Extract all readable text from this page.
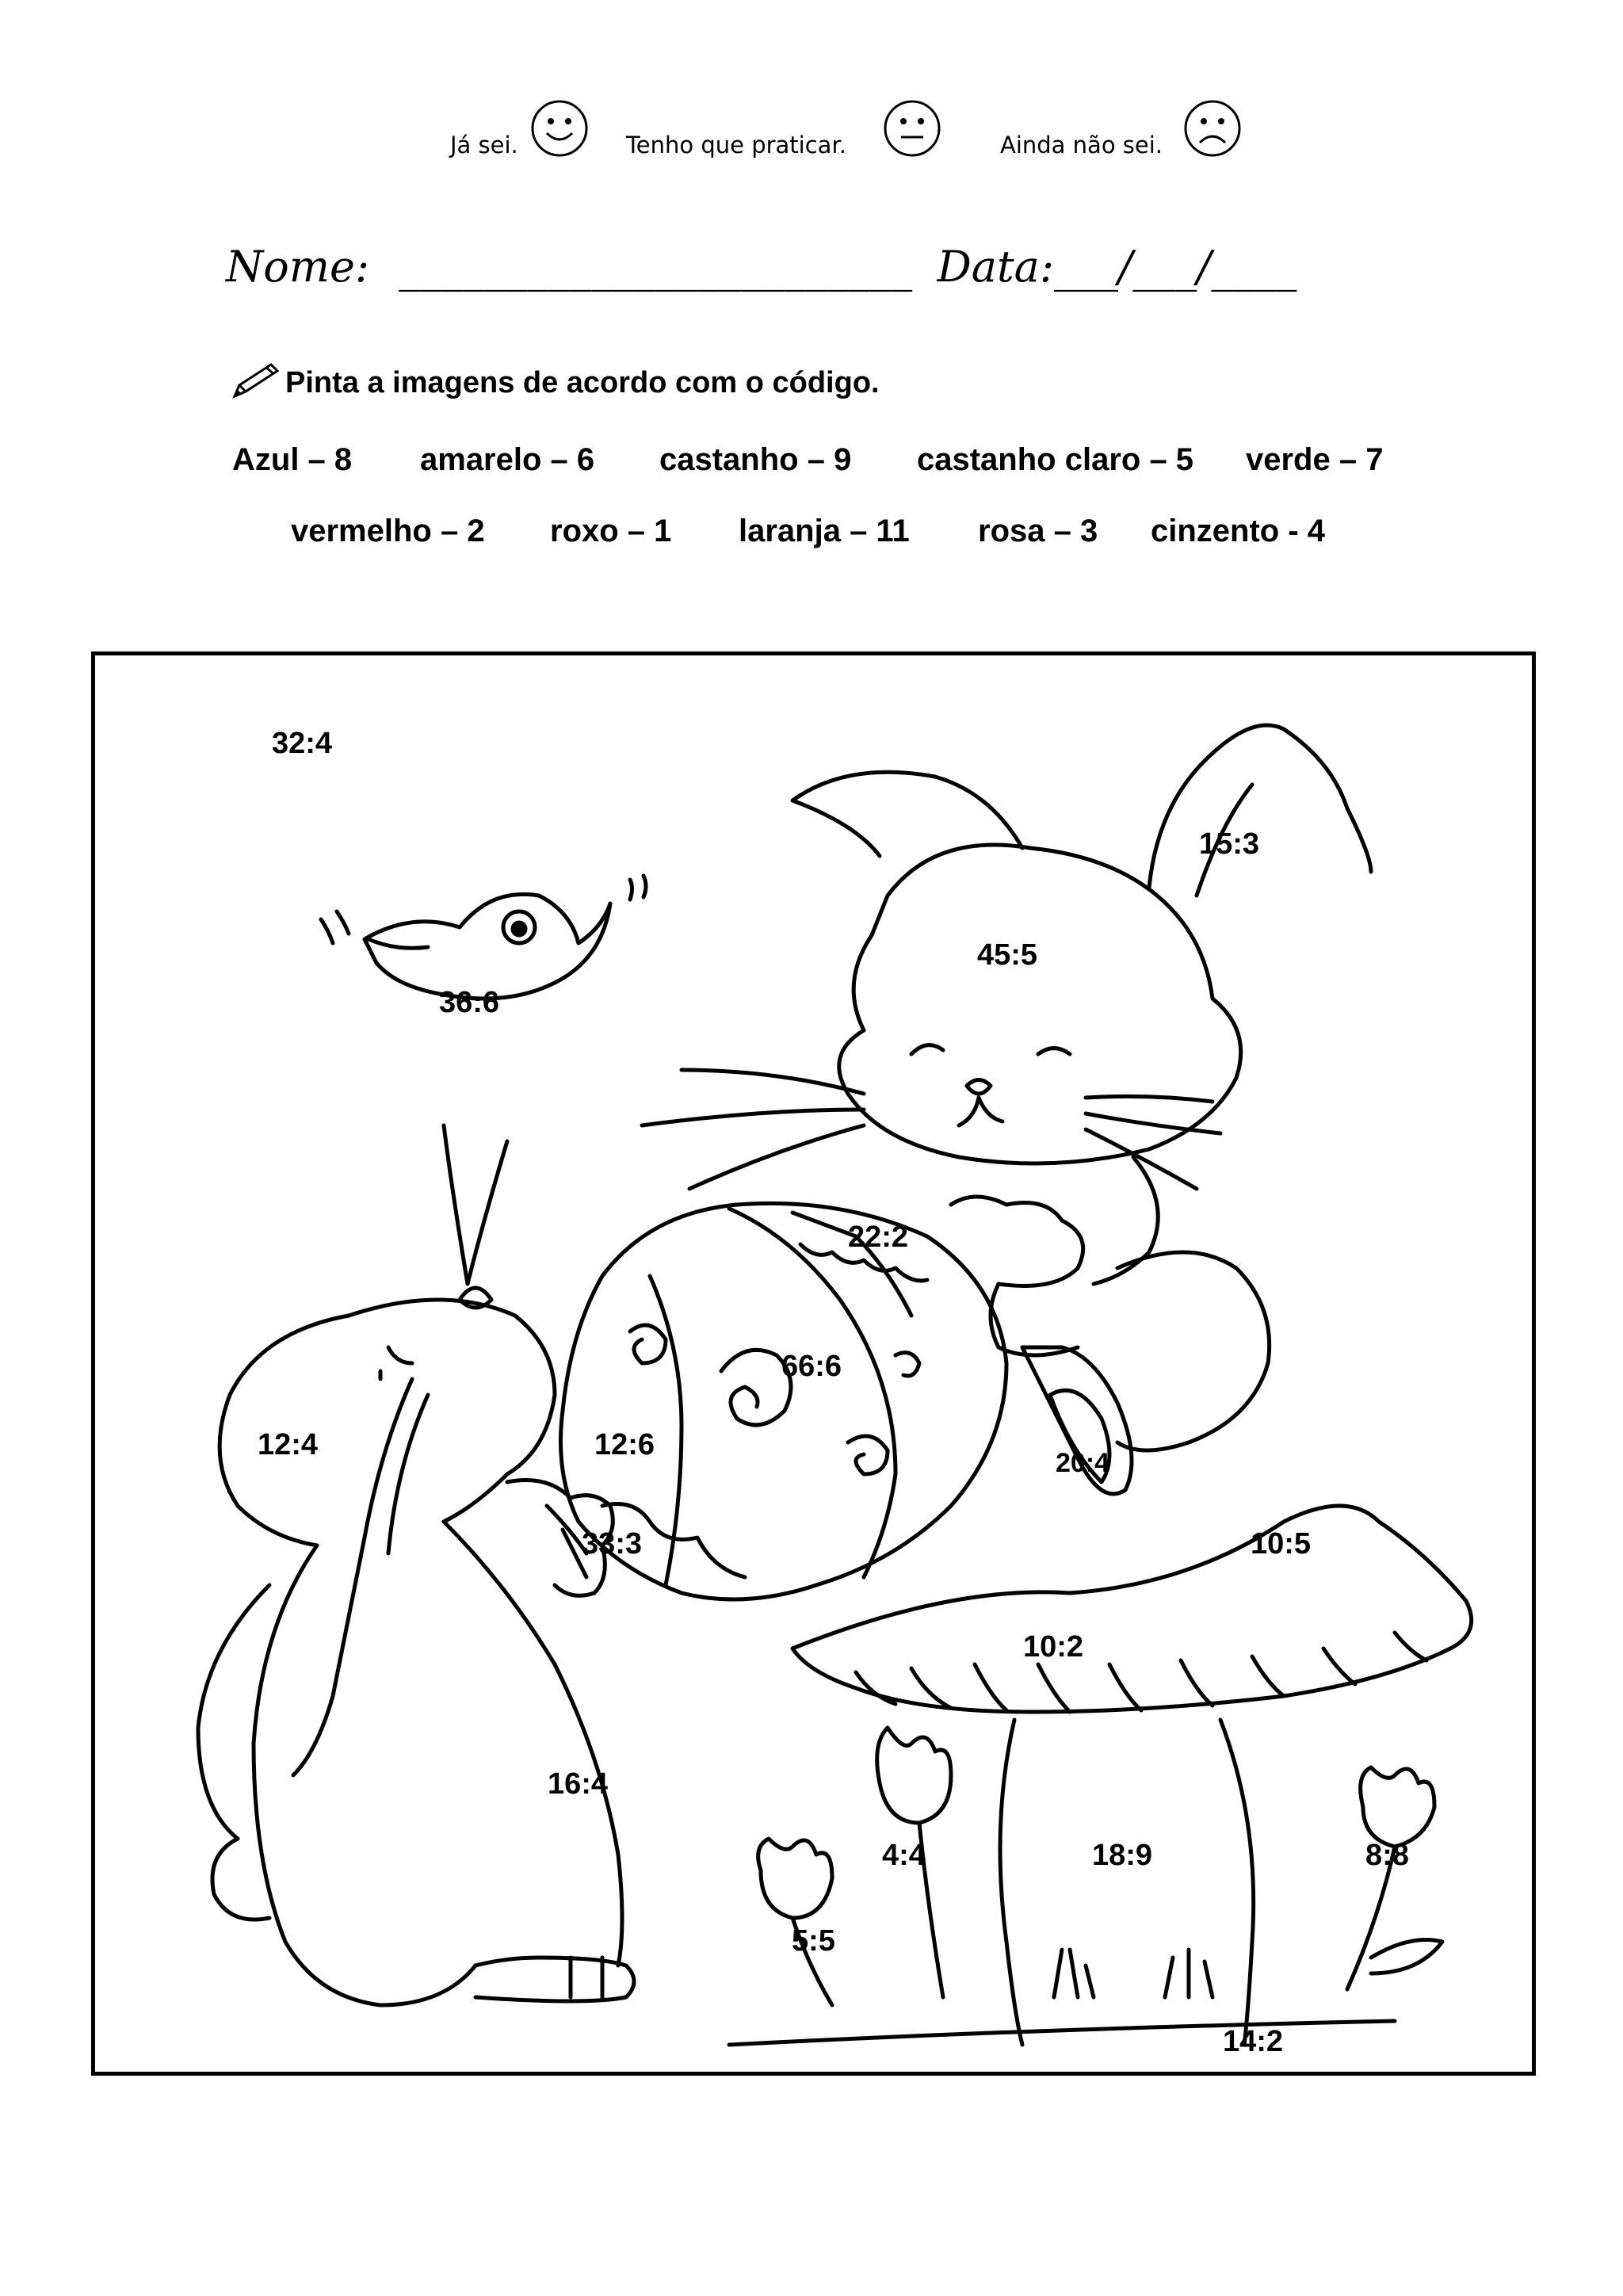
Já sei.	Tenho que praticar.	Ainda não sei.
Nome: ________________________ Data:___/___/____
Pinta a imagens de acordo com o código.
Azul – 8 amarelo – 6 castanho – 9 castanho claro – 5 verde – 7
vermelho – 2 roxo – 1 laranja – 11 rosa – 3 cinzento - 4
32:4
15:3
45:5
36:6
22:2
66:6
12:4	12:6
20:4
33:3	10:5
10:2
16:4
4:4	18:9	8:8
5:5
14:2
